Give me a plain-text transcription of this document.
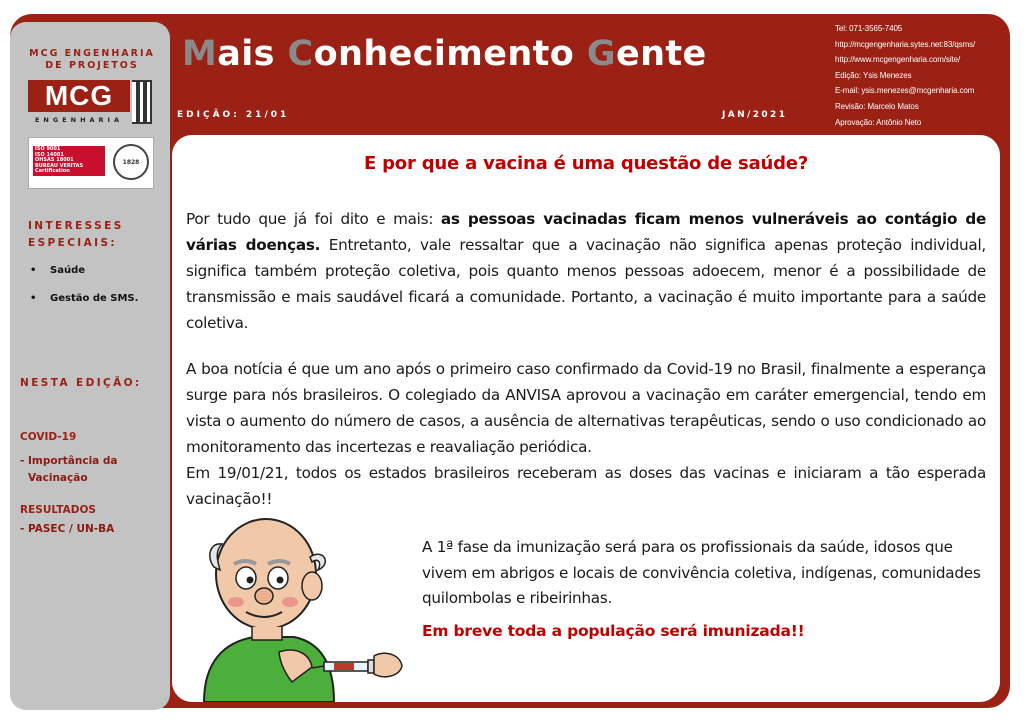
MCG ENGENHARIA
DE PROJETOS
MCG
ENGENHARIA
ISO 9001
ISO 14001
OHSAS 18001
BUREAU VERITAS
Certification
1828
INTERESSES ESPECIAIS:
• Saúde
• Gestão de SMS.
NESTA EDIÇÃO:
COVID-19
- Importância da
Vacinação
RESULTADOS
- PASEC / UN-BA
Mais Conhecimento Gente
EDIÇÃO: 21/01	JAN/2021
Tel: 071-3565-7405
http://mcgengenharia.sytes.net:83/qsms/
http://www.mcgengenharia.com/site/
Edição: Ysis Menezes
E-mail: ysis.menezes@mcgenharia.com
Revisão: Marcelo Matos
Aprovação: Antônio Neto
E por que a vacina é uma questão de saúde?
Por tudo que já foi dito e mais: as pessoas vacinadas ficam menos vulneráveis ao contágio de várias doenças. Entretanto, vale ressaltar que a vacinação não significa apenas proteção individual, significa também proteção coletiva, pois quanto menos pessoas adoecem, menor é a possibilidade de transmissão e mais saudável ficará a comunidade. Portanto, a vacinação é muito importante para a saúde coletiva.
A boa notícia é que um ano após o primeiro caso confirmado da Covid-19 no Brasil, finalmente a esperança surge para nós brasileiros. O colegiado da ANVISA aprovou a vacinação em caráter emergencial, tendo em vista o aumento do número de casos, a ausência de alternativas terapêuticas, sendo o uso condicionado ao monitoramento das incertezas e reavaliação periódica.
Em 19/01/21, todos os estados brasileiros receberam as doses das vacinas e iniciaram a tão esperada vacinação!!
A 1ª fase da imunização será para os profissionais da saúde, idosos que vivem em abrigos e locais de convivência coletiva, indígenas, comunidades quilombolas e ribeirinhas.
Em breve toda a população será imunizada!!
